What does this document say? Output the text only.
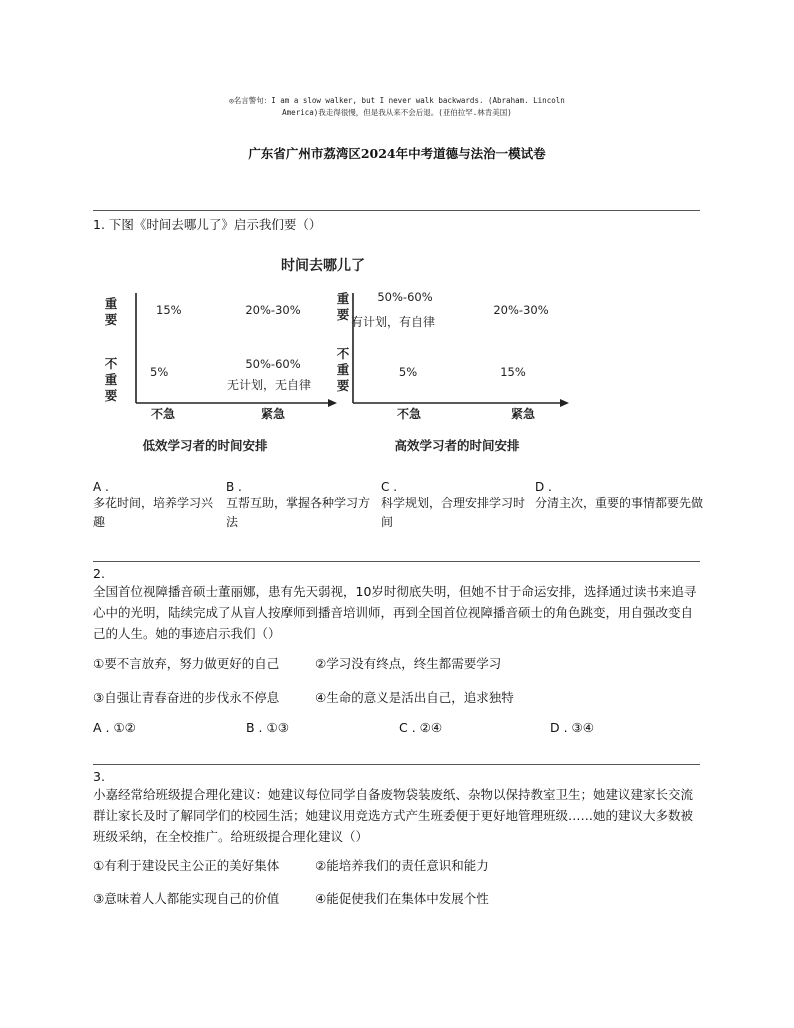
◎名言警句：I am a slow walker, but I never walk backwards. (Abraham. Lincoln
America)我走得很慢，但是我从来不会后退。(亚伯拉罕.林肯美国)
广东省广州市荔湾区2024年中考道德与法治一模试卷
1. 下图《时间去哪儿了》启示我们要（）
时间去哪儿了
重要
不重要
15%	20%-30%
5%
50%-60%
无计划，无自律
不急	紧急
低效学习者的时间安排
重要
不重要
50%-60%
有计划，有自律
20%-30%
5%	15%
不急	紧急
高效学习者的时间安排
A .
多花时间，培养学习兴趣
B .
互帮互助，掌握各种学习方法
C .
科学规划，合理安排学习时间
D .
分清主次，重要的事情都要先做
2.
全国首位视障播音硕士董丽娜，患有先天弱视，10岁时彻底失明，但她不甘于命运安排，选择通过读书来追寻心中的光明，陆续完成了从盲人按摩师到播音培训师，再到全国首位视障播音硕士的角色跳变，用自强改变自己的人生。她的事迹启示我们（）
①要不言放弃，努力做更好的自己	②学习没有终点，终生都需要学习
③自强让青春奋进的步伐永不停息	④生命的意义是活出自己，追求独特
A . ①②	B . ①③	C . ②④	D . ③④
3.
小嘉经常给班级提合理化建议：她建议每位同学自备废物袋装废纸、杂物以保持教室卫生；她建议建家长交流群让家长及时了解同学们的校园生活；她建议用竞选方式产生班委便于更好地管理班级……她的建议大多数被班级采纳，在全校推广。给班级提合理化建议（）
①有利于建设民主公正的美好集体	②能培养我们的责任意识和能力
③意味着人人都能实现自己的价值	④能促使我们在集体中发展个性
